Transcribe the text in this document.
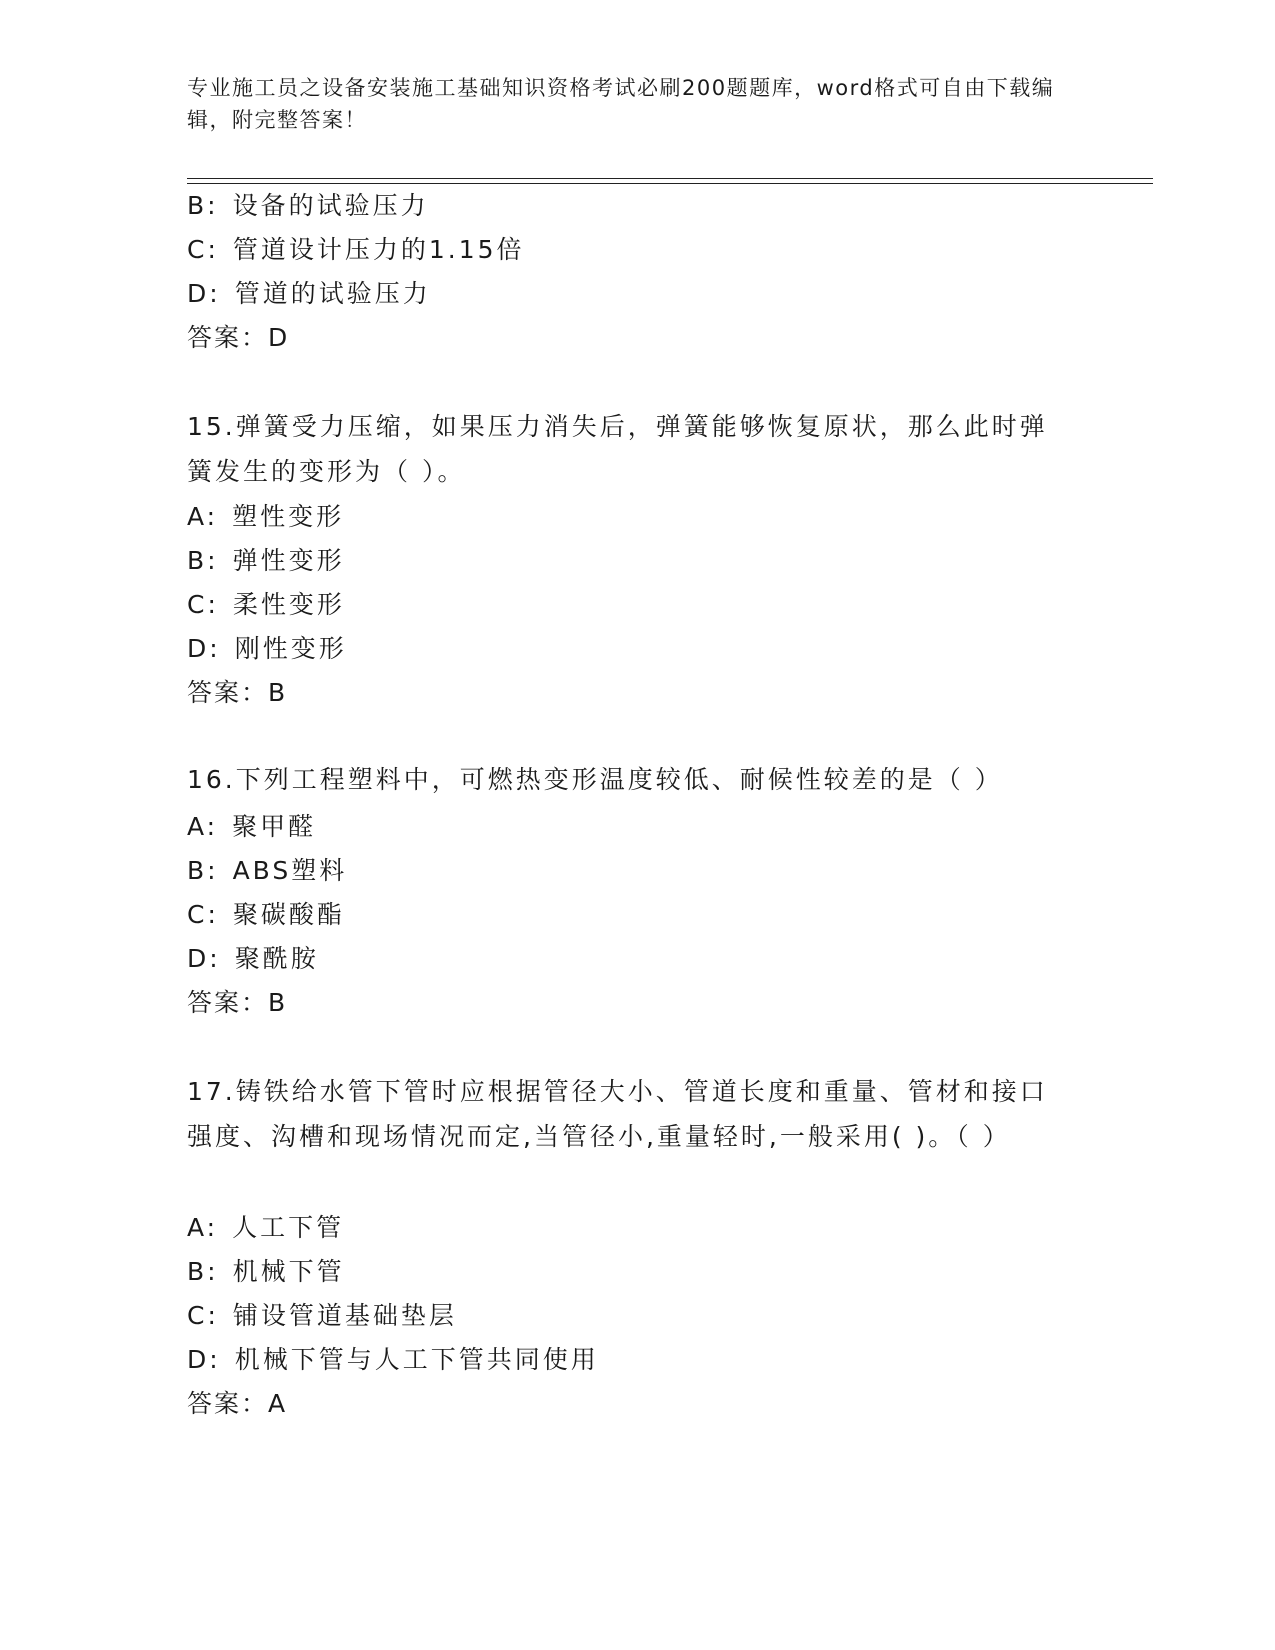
专业施工员之设备安装施工基础知识资格考试必刷200题题库，word格式可自由下载编辑，附完整答案！

B: 设备的试验压力

C: 管道设计压力的1.15倍

D: 管道的试验压力

答案：D

15.弹簧受力压缩，如果压力消失后，弹簧能够恢复原状，那么此时弹簧发生的变形为（ ）。

A: 塑性变形

B: 弹性变形

C: 柔性变形

D: 刚性变形

答案：B

16.下列工程塑料中，可燃热变形温度较低、耐候性较差的是（ ）

A: 聚甲醛

B: ABS塑料

C: 聚碳酸酯

D: 聚酰胺

答案：B

17.铸铁给水管下管时应根据管径大小、管道长度和重量、管材和接口强度、沟槽和现场情况而定,当管径小,重量轻时,一般采用( )。（ ）

A: 人工下管

B: 机械下管

C: 铺设管道基础垫层

D: 机械下管与人工下管共同使用

答案：A
